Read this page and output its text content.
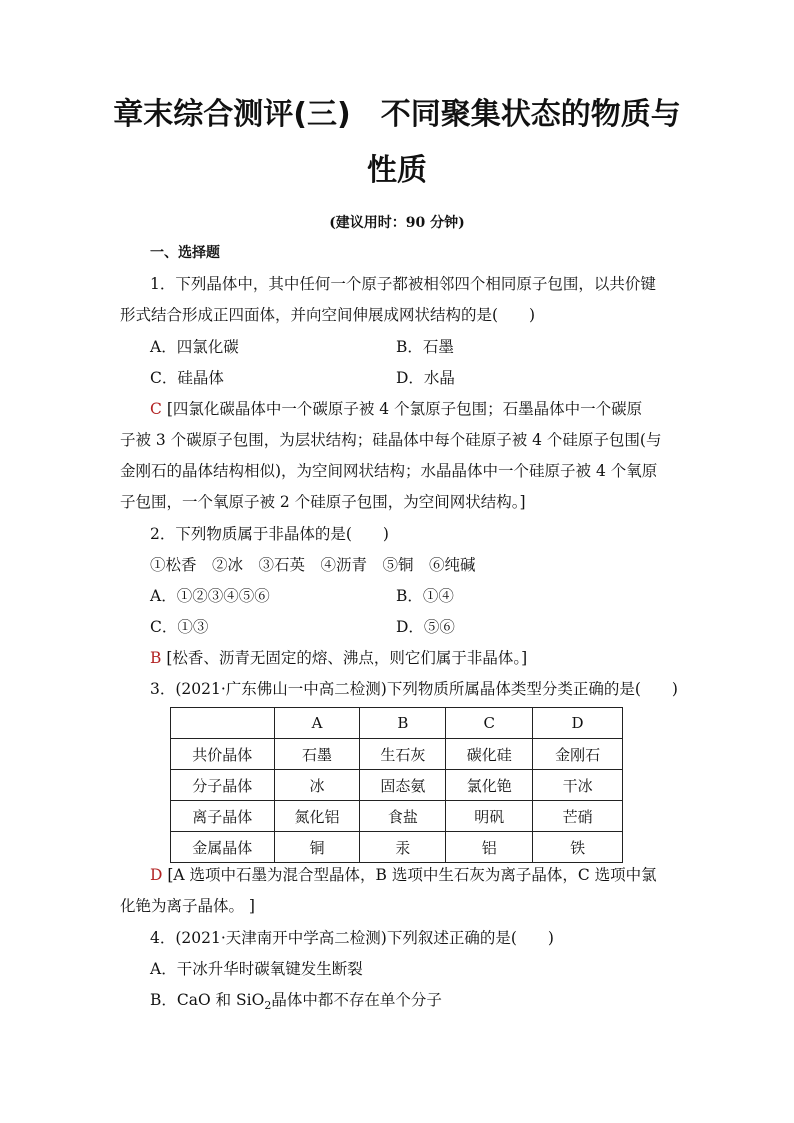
章末综合测评(三)　不同聚集状态的物质与
性质
(建议用时：90 分钟)
一、选择题
1．下列晶体中，其中任何一个原子都被相邻四个相同原子包围，以共价键
形式结合形成正四面体，并向空间伸展成网状结构的是(　　)
A．四氯化碳	B．石墨
C．硅晶体	D．水晶
C [四氯化碳晶体中一个碳原子被 4 个氯原子包围；石墨晶体中一个碳原
子被 3 个碳原子包围，为层状结构；硅晶体中每个硅原子被 4 个硅原子包围(与
金刚石的晶体结构相似)，为空间网状结构；水晶晶体中一个硅原子被 4 个氧原
子包围，一个氧原子被 2 个硅原子包围，为空间网状结构。]
2．下列物质属于非晶体的是(　　)
①松香　②冰　③石英　④沥青　⑤铜　⑥纯碱
A．①②③④⑤⑥	B．①④
C．①③	D．⑤⑥
B [松香、沥青无固定的熔、沸点，则它们属于非晶体。]
3．(2021·广东佛山一中高二检测)下列物质所属晶体类型分类正确的是(　　)
	A	B	C	D
共价晶体	石墨	生石灰	碳化硅	金刚石
分子晶体	冰	固态氨	氯化铯	干冰
离子晶体	氮化铝	食盐	明矾	芒硝
金属晶体	铜	汞	铝	铁
D [A 选项中石墨为混合型晶体，B 选项中生石灰为离子晶体，C 选项中氯
化铯为离子晶体。 ]
4．(2021·天津南开中学高二检测)下列叙述正确的是(　　)
A．干冰升华时碳氧键发生断裂
B．CaO 和 SiO$_2$晶体中都不存在单个分子
